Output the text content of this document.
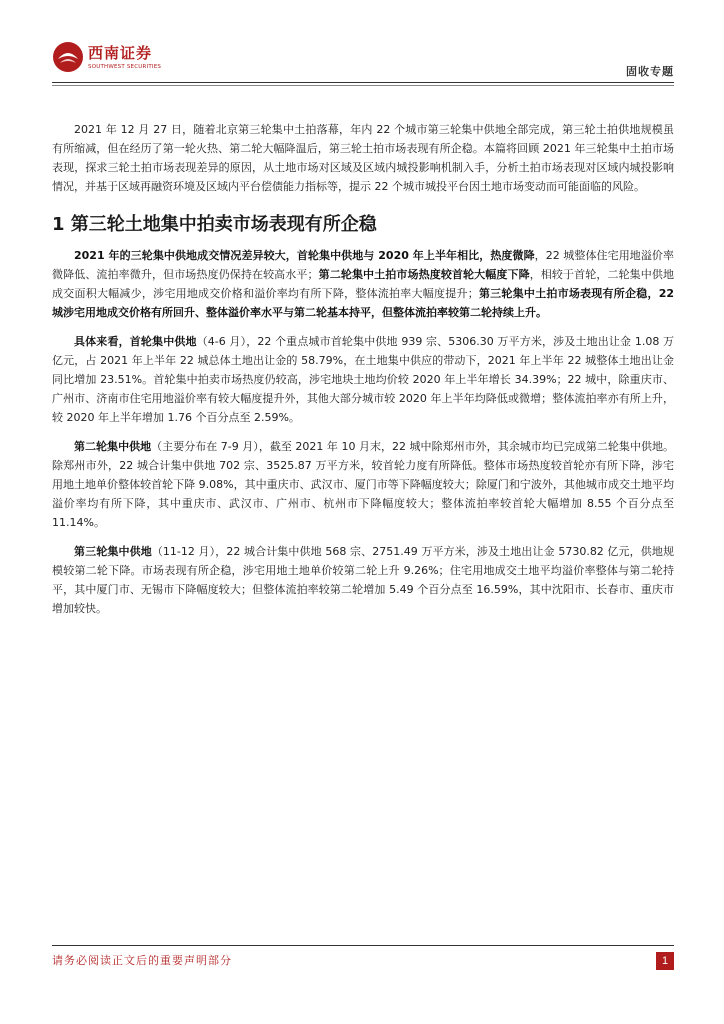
西南证券
SOUTHWEST SECURITIES	固收专题

2021 年 12 月 27 日，随着北京第三轮集中土拍落幕，年内 22 个城市第三轮集中供地全部完成，第三轮土拍供地规模虽有所缩减，但在经历了第一轮火热、第二轮大幅降温后，第三轮土拍市场表现有所企稳。本篇将回顾 2021 年三轮集中土拍市场表现，探求三轮土拍市场表现差异的原因，从土地市场对区域及区域内城投影响机制入手，分析土拍市场表现对区域内城投影响情况，并基于区域再融资环境及区域内平台偿债能力指标等，提示 22 个城市城投平台因土地市场变动而可能面临的风险。

1 第三轮土地集中拍卖市场表现有所企稳

2021 年的三轮集中供地成交情况差异较大，首轮集中供地与 2020 年上半年相比，热度微降，22 城整体住宅用地溢价率微降低、流拍率微升，但市场热度仍保持在较高水平；第二轮集中土拍市场热度较首轮大幅度下降，相较于首轮，二轮集中供地成交面积大幅减少，涉宅用地成交价格和溢价率均有所下降，整体流拍率大幅度提升；第三轮集中土拍市场表现有所企稳，22 城涉宅用地成交价格有所回升、整体溢价率水平与第二轮基本持平，但整体流拍率较第二轮持续上升。

具体来看，首轮集中供地（4-6 月），22 个重点城市首轮集中供地 939 宗、5306.30 万平方米，涉及土地出让金 1.08 万亿元，占 2021 年上半年 22 城总体土地出让金的 58.79%，在土地集中供应的带动下，2021 年上半年 22 城整体土地出让金同比增加 23.51%。首轮集中拍卖市场热度仍较高，涉宅地块土地均价较 2020 年上半年增长 34.39%；22 城中，除重庆市、广州市、济南市住宅用地溢价率有较大幅度提升外，其他大部分城市较 2020 年上半年均降低或微增；整体流拍率亦有所上升，较 2020 年上半年增加 1.76 个百分点至 2.59%。

第二轮集中供地（主要分布在 7-9 月），截至 2021 年 10 月末，22 城中除郑州市外，其余城市均已完成第二轮集中供地。除郑州市外，22 城合计集中供地 702 宗、3525.87 万平方米，较首轮力度有所降低。整体市场热度较首轮亦有所下降，涉宅用地土地单价整体较首轮下降 9.08%，其中重庆市、武汉市、厦门市等下降幅度较大；除厦门和宁波外，其他城市成交土地平均溢价率均有所下降，其中重庆市、武汉市、广州市、杭州市下降幅度较大；整体流拍率较首轮大幅增加 8.55 个百分点至 11.14%。

第三轮集中供地（11-12 月），22 城合计集中供地 568 宗、2751.49 万平方米，涉及土地出让金 5730.82 亿元，供地规模较第二轮下降。市场表现有所企稳，涉宅用地土地单价较第二轮上升 9.26%；住宅用地成交土地平均溢价率整体与第二轮持平，其中厦门市、无锡市下降幅度较大；但整体流拍率较第二轮增加 5.49 个百分点至 16.59%，其中沈阳市、长春市、重庆市增加较快。

请务必阅读正文后的重要声明部分	1
